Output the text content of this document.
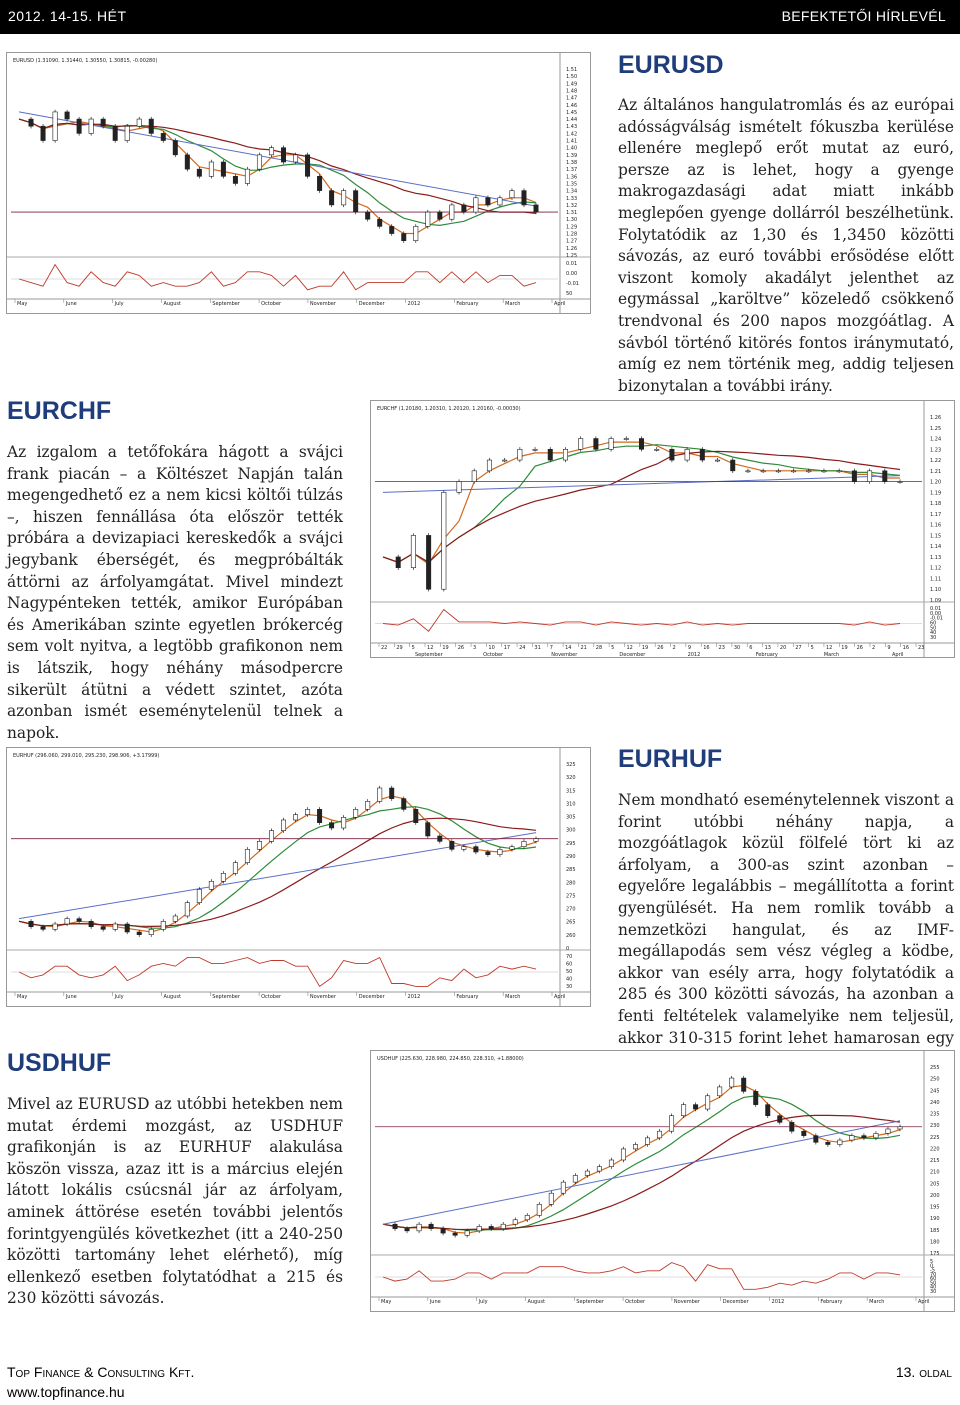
2012. 14-15. HÉT	BEFEKTETŐI HÍRLEVÉL
EURUSD (1.31090, 1.31440, 1.30550, 1.30815, -0.00280)
1.51
1.50
1.49
1.48
1.47
1.46
1.45
1.44
1.43
1.42
1.41
1.40
1.39
1.38
1.37
1.36
1.35
1.34
1.33
1.32
1.31
1.30
1.29
1.28
1.27
1.26
1.25
0.01
0.00
-0.01
50
May	June	July	August	September	October	November	December	2012	February	March	April
EURUSD
Az általános hangulatromlás és az európai adósságválság ismételt fókuszba kerülése ellenére meglepő erőt mutat az euró, persze az is lehet, hogy a gyenge makrogazdasági adat miatt inkább meglepően gyenge dollárról beszélhetünk. Folytatódik az 1,30 és 1,3450 közötti sávozás, az euró további erősödése előtt viszont komoly akadályt jelenthet az egymással „karöltve” közeledő csökkenő trendvonal és 200 napos mozgóátlag. A sávból történő kitörés fontos iránymutató, amíg ez nem történik meg, addig teljesen bizonytalan a további irány.
EURCHF
Az izgalom a tetőfokára hágott a svájci frank piacán – a Költészet Napján talán megengedhető ez a nem kicsi költői túlzás –, hiszen fennállása óta először tették próbára a devizapiaci kereskedők a svájci jegybank éberségét, és megpróbálták áttörni az árfolyamgátat. Mivel mindezt Nagypénteken tették, amikor Európában és Amerikában szinte egyetlen brókercég sem volt nyitva, a legtöbb grafikonon nem is látszik, hogy néhány másodpercre sikerült átütni a védett szintet, azóta azonban ismét eseménytelenül telnek a napok.
EURCHF (1.20180, 1.20310, 1.20120, 1.20160, -0.00030)
1.26
1.25
1.24
1.23
1.22
1.21
1.20
1.19
1.18
1.17
1.16
1.15
1.14
1.13
1.12
1.11
1.10
1.09
0.01
0.00
-0.01
60
50
40
30
22 29 5 12 19 26 3 10 17 24 31 7 14 21 28 5 12 19 26 2 9 16 23 30 6 13 20 27 5 12 19 26 2 9 16 23
September	October	November	December	2012	February	March	April
EURHUF (296.060, 299.010, 295.230, 298.906, +3.17999)
325
320
315
310
305
300
295
290
285
280
275
270
265
260
0
70
60
50
40
30
May	June	July	August	September	October	November	December	2012	February	March	April
EURHUF
Nem mondható eseménytelennek viszont a forint utóbbi néhány napja, a mozgóátlagok közül fölfelé tört ki az árfolyam, a 300-as szint azonban – egyelőre legalábbis – megállította a forint gyengülését. Ha nem romlik tovább a nemzetközi hangulat, és az IMF-megállapodás sem vész végleg a ködbe, akkor van esély arra, hogy folytatódik a 285 és 300 közötti sávozás, ha azonban a fenti feltételek valamelyike nem teljesül, akkor 310-315 forint lehet hamarosan egy
USDHUF
Mivel az EURUSD az utóbbi hetekben nem mutat érdemi mozgást, az USDHUF grafikonján is az EURHUF alakulása köszön vissza, azaz itt is a március elején látott lokális csúcsnál jár az árfolyam, aminek áttörése esetén további jelentős forintgyengülés következhet (itt a 240-250 közötti tartomány lehet elérhető), míg ellenkező esetben folytatódhat a 215 és 230 közötti sávozás.
USDHUF (225.630, 228.980, 224.850, 228.310, +1.88000)
255
250
245
240
235
230
225
220
215
210
205
200
195
190
185
180
175
5
0
-5
70
60
50
40
30
May	June	July	August	September	October	November	December	2012	February	March	April
Top Finance & Consulting Kft.
www.topfinance.hu
13. oldal
